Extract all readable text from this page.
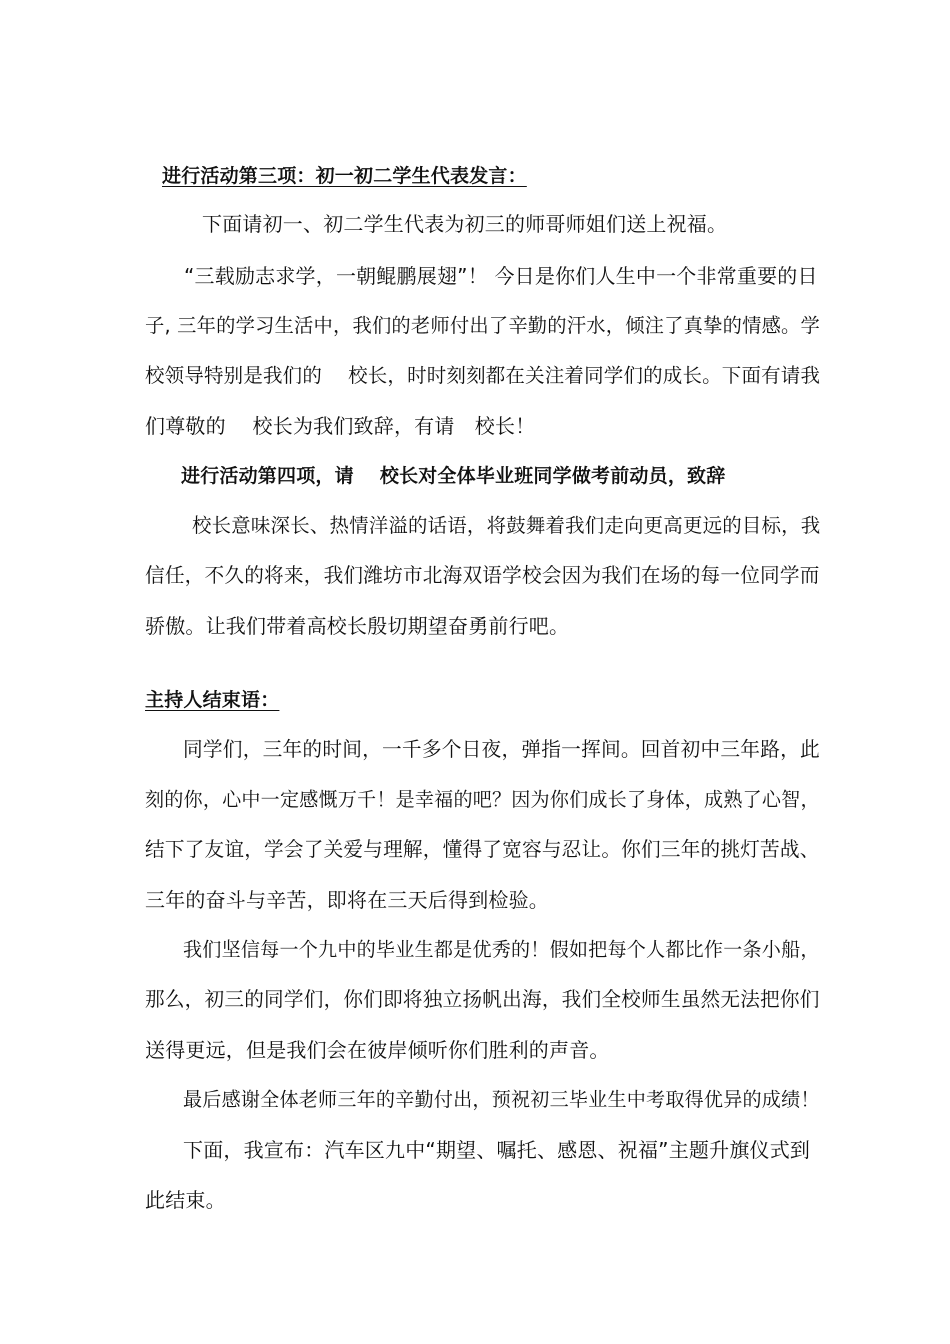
进行活动第三项：初一初二学生代表发言：
下面请初一、初二学生代表为初三的师哥师姐们送上祝福。
“三载励志求学，一朝鲲鹏展翅”！ 今日是你们人生中一个非常重要的日
子, 三年的学习生活中，我们的老师付出了辛勤的汗水，倾注了真挚的情感。学
校领导特别是我们的　 校长，时时刻刻都在关注着同学们的成长。下面有请我
们尊敬的　 校长为我们致辞，有请　校长！
进行活动第四项，请　 校长对全体毕业班同学做考前动员，致辞
校长意味深长、热情洋溢的话语，将鼓舞着我们走向更高更远的目标，我
信任，不久的将来，我们潍坊市北海双语学校会因为我们在场的每一位同学而
骄傲。让我们带着高校长殷切期望奋勇前行吧。
主持人结束语：
同学们，三年的时间，一千多个日夜，弹指一挥间。回首初中三年路，此
刻的你，心中一定感慨万千！是幸福的吧？因为你们成长了身体，成熟了心智，
结下了友谊，学会了关爱与理解，懂得了宽容与忍让。你们三年的挑灯苦战、
三年的奋斗与辛苦，即将在三天后得到检验。
我们坚信每一个九中的毕业生都是优秀的！假如把每个人都比作一条小船，
那么，初三的同学们，你们即将独立扬帆出海，我们全校师生虽然无法把你们
送得更远，但是我们会在彼岸倾听你们胜利的声音。
最后感谢全体老师三年的辛勤付出，预祝初三毕业生中考取得优异的成绩！
下面，我宣布：汽车区九中“期望、嘱托、感恩、祝福”主题升旗仪式到
此结束。
